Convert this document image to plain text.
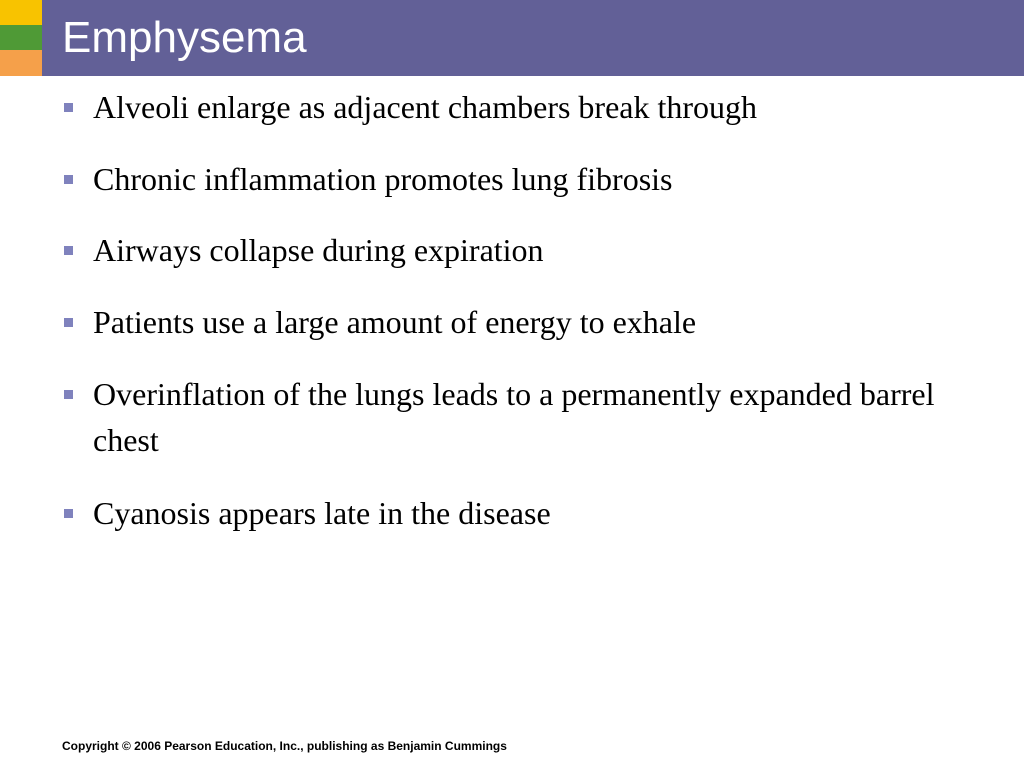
Emphysema
Alveoli enlarge as adjacent chambers break through
Chronic inflammation promotes lung fibrosis
Airways collapse during expiration
Patients use a large amount of energy to exhale
Overinflation of the lungs leads to a permanently expanded barrel chest
Cyanosis appears late in the disease

Copyright © 2006 Pearson Education, Inc., publishing as Benjamin Cummings
